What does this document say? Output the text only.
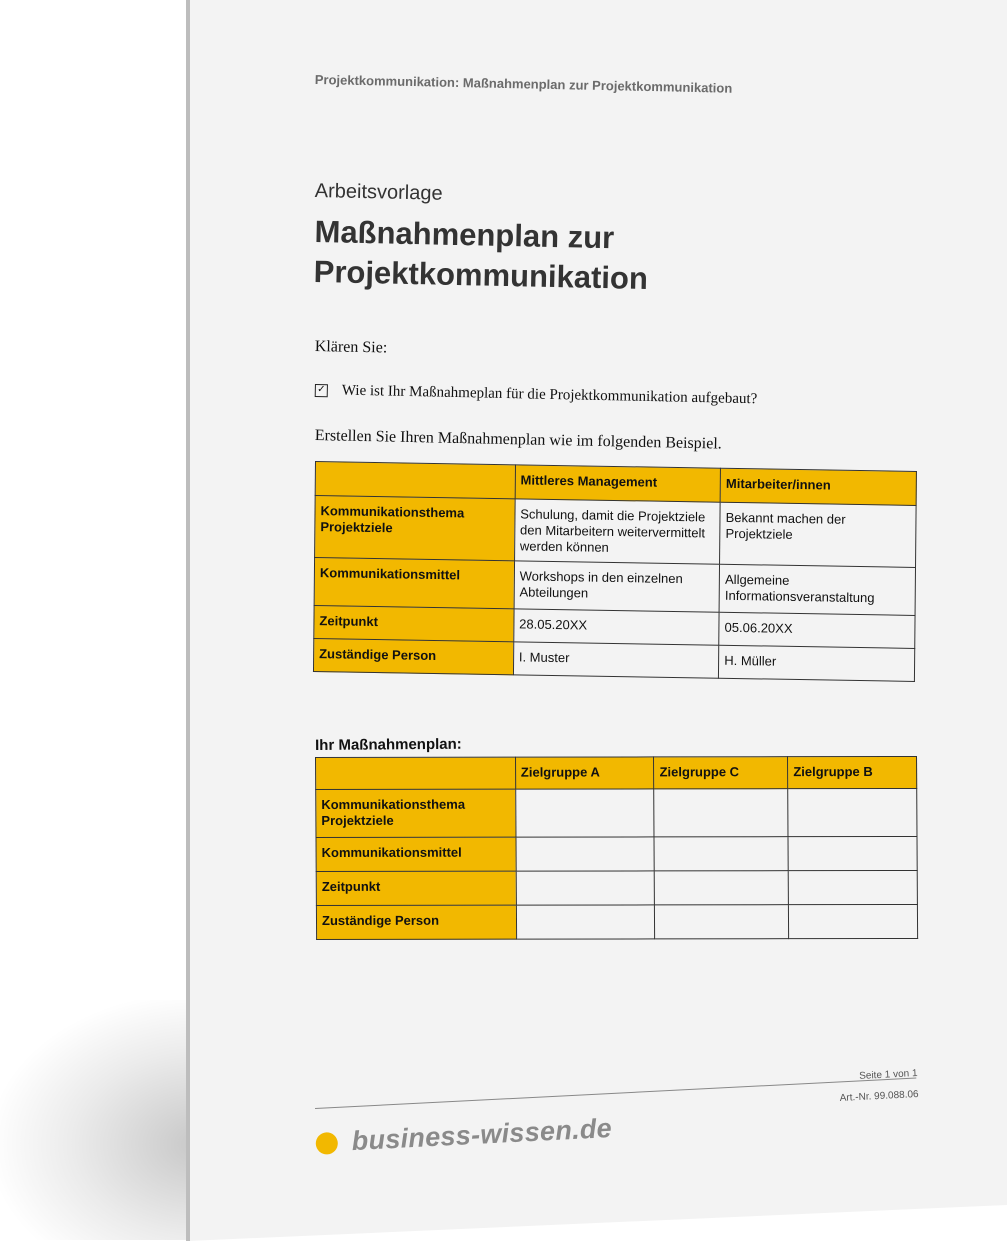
Projektkommunikation: Maßnahmenplan zur Projektkommunikation
Arbeitsvorlage
Maßnahmenplan zur Projektkommunikation
Klären Sie:
✓ Wie ist Ihr Maßnahmeplan für die Projektkommunikation aufgebaut?
Erstellen Sie Ihren Maßnahmenplan wie im folgenden Beispiel.
	Mittleres Management	Mitarbeiter/innen
Kommunikationsthema Projektziele	Schulung, damit die Projektziele den Mitarbeitern weitervermittelt werden können	Bekannt machen der Projektziele
Kommunikationsmittel	Workshops in den einzelnen Abteilungen	Allgemeine Informationsveranstaltung
Zeitpunkt	28.05.20XX	05.06.20XX
Zuständige Person	I. Muster	H. Müller
Ihr Maßnahmenplan:
	Zielgruppe A	Zielgruppe C	Zielgruppe B
Kommunikationsthema Projektziele			
Kommunikationsmittel			
Zeitpunkt			
Zuständige Person			
Seite 1 von 1
Art.-Nr. 99.088.06
business-wissen.de
